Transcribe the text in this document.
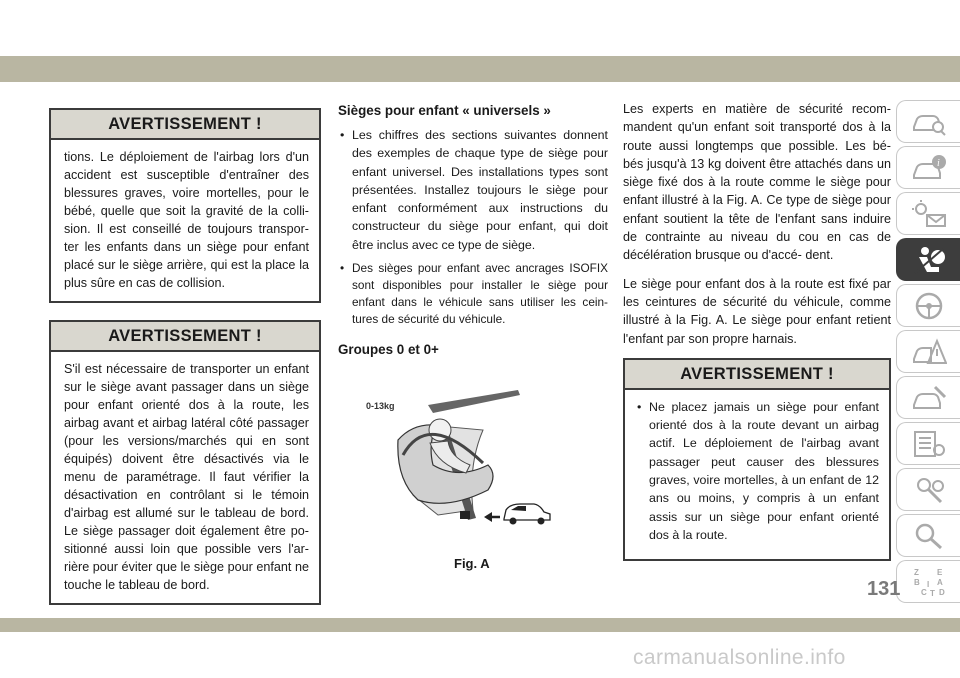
AVERTISSEMENT !
tions. Le déploiement de l'airbag lors d'un accident est susceptible d'entraîner des blessures graves, voire mortelles, pour le bébé, quelle que soit la gravité de la colli- sion. Il est conseillé de toujours transpor- ter les enfants dans un siège pour enfant placé sur le siège arrière, qui est la place la plus sûre en cas de collision.
AVERTISSEMENT !
S'il est nécessaire de transporter un enfant sur le siège avant passager dans un siège pour enfant orienté dos à la route, les airbag avant et airbag latéral côté passager (pour les versions/marchés qui en sont équipés) doivent être désactivés via le menu de paramétrage. Il faut vérifier la désactivation en contrôlant si le témoin d'airbag est allumé sur le tableau de bord. Le siège passager doit également être po- sitionné aussi loin que possible vers l'ar- rière pour éviter que le siège pour enfant ne touche le tableau de bord.
Sièges pour enfant « universels »
• Les chiffres des sections suivantes donnent des exemples de chaque type de siège pour enfant universel. Des installations types sont présentées. Installez toujours le siège pour enfant conformément aux instructions du constructeur du siège pour enfant, qui doit être inclus avec ce type de siège.
• Des sièges pour enfant avec ancrages ISOFIX sont disponibles pour installer le siège pour enfant dans le véhicule sans utiliser les cein- tures de sécurité du véhicule.
Groupes 0 et 0+
0-13kg
Fig. A

Les experts en matière de sécurité recom- mandent qu'un enfant soit transporté dos à la route aussi longtemps que possible. Les bé- bés jusqu'à 13 kg doivent être attachés dans un siège fixé dos à la route comme le siège pour enfant illustré à la Fig. A. Ce type de siège pour enfant soutient la tête de l'enfant sans induire de contrainte au niveau du cou en cas de décélération brusque ou d'accé- dent.

Le siège pour enfant dos à la route est fixé par les ceintures de sécurité du véhicule, comme illustré à la Fig. A. Le siège pour enfant retient l'enfant par son propre harnais.

AVERTISSEMENT !
• Ne placez jamais un siège pour enfant orienté dos à la route devant un airbag actif. Le déploiement de l'airbag avant passager peut causer des blessures graves, voire mortelles, à un enfant de 12 ans ou moins, y compris à un enfant assis sur un siège pour enfant orienté dos à la route.
i
Z E
B A
C D
I
T
131
carmanualsonline.info
